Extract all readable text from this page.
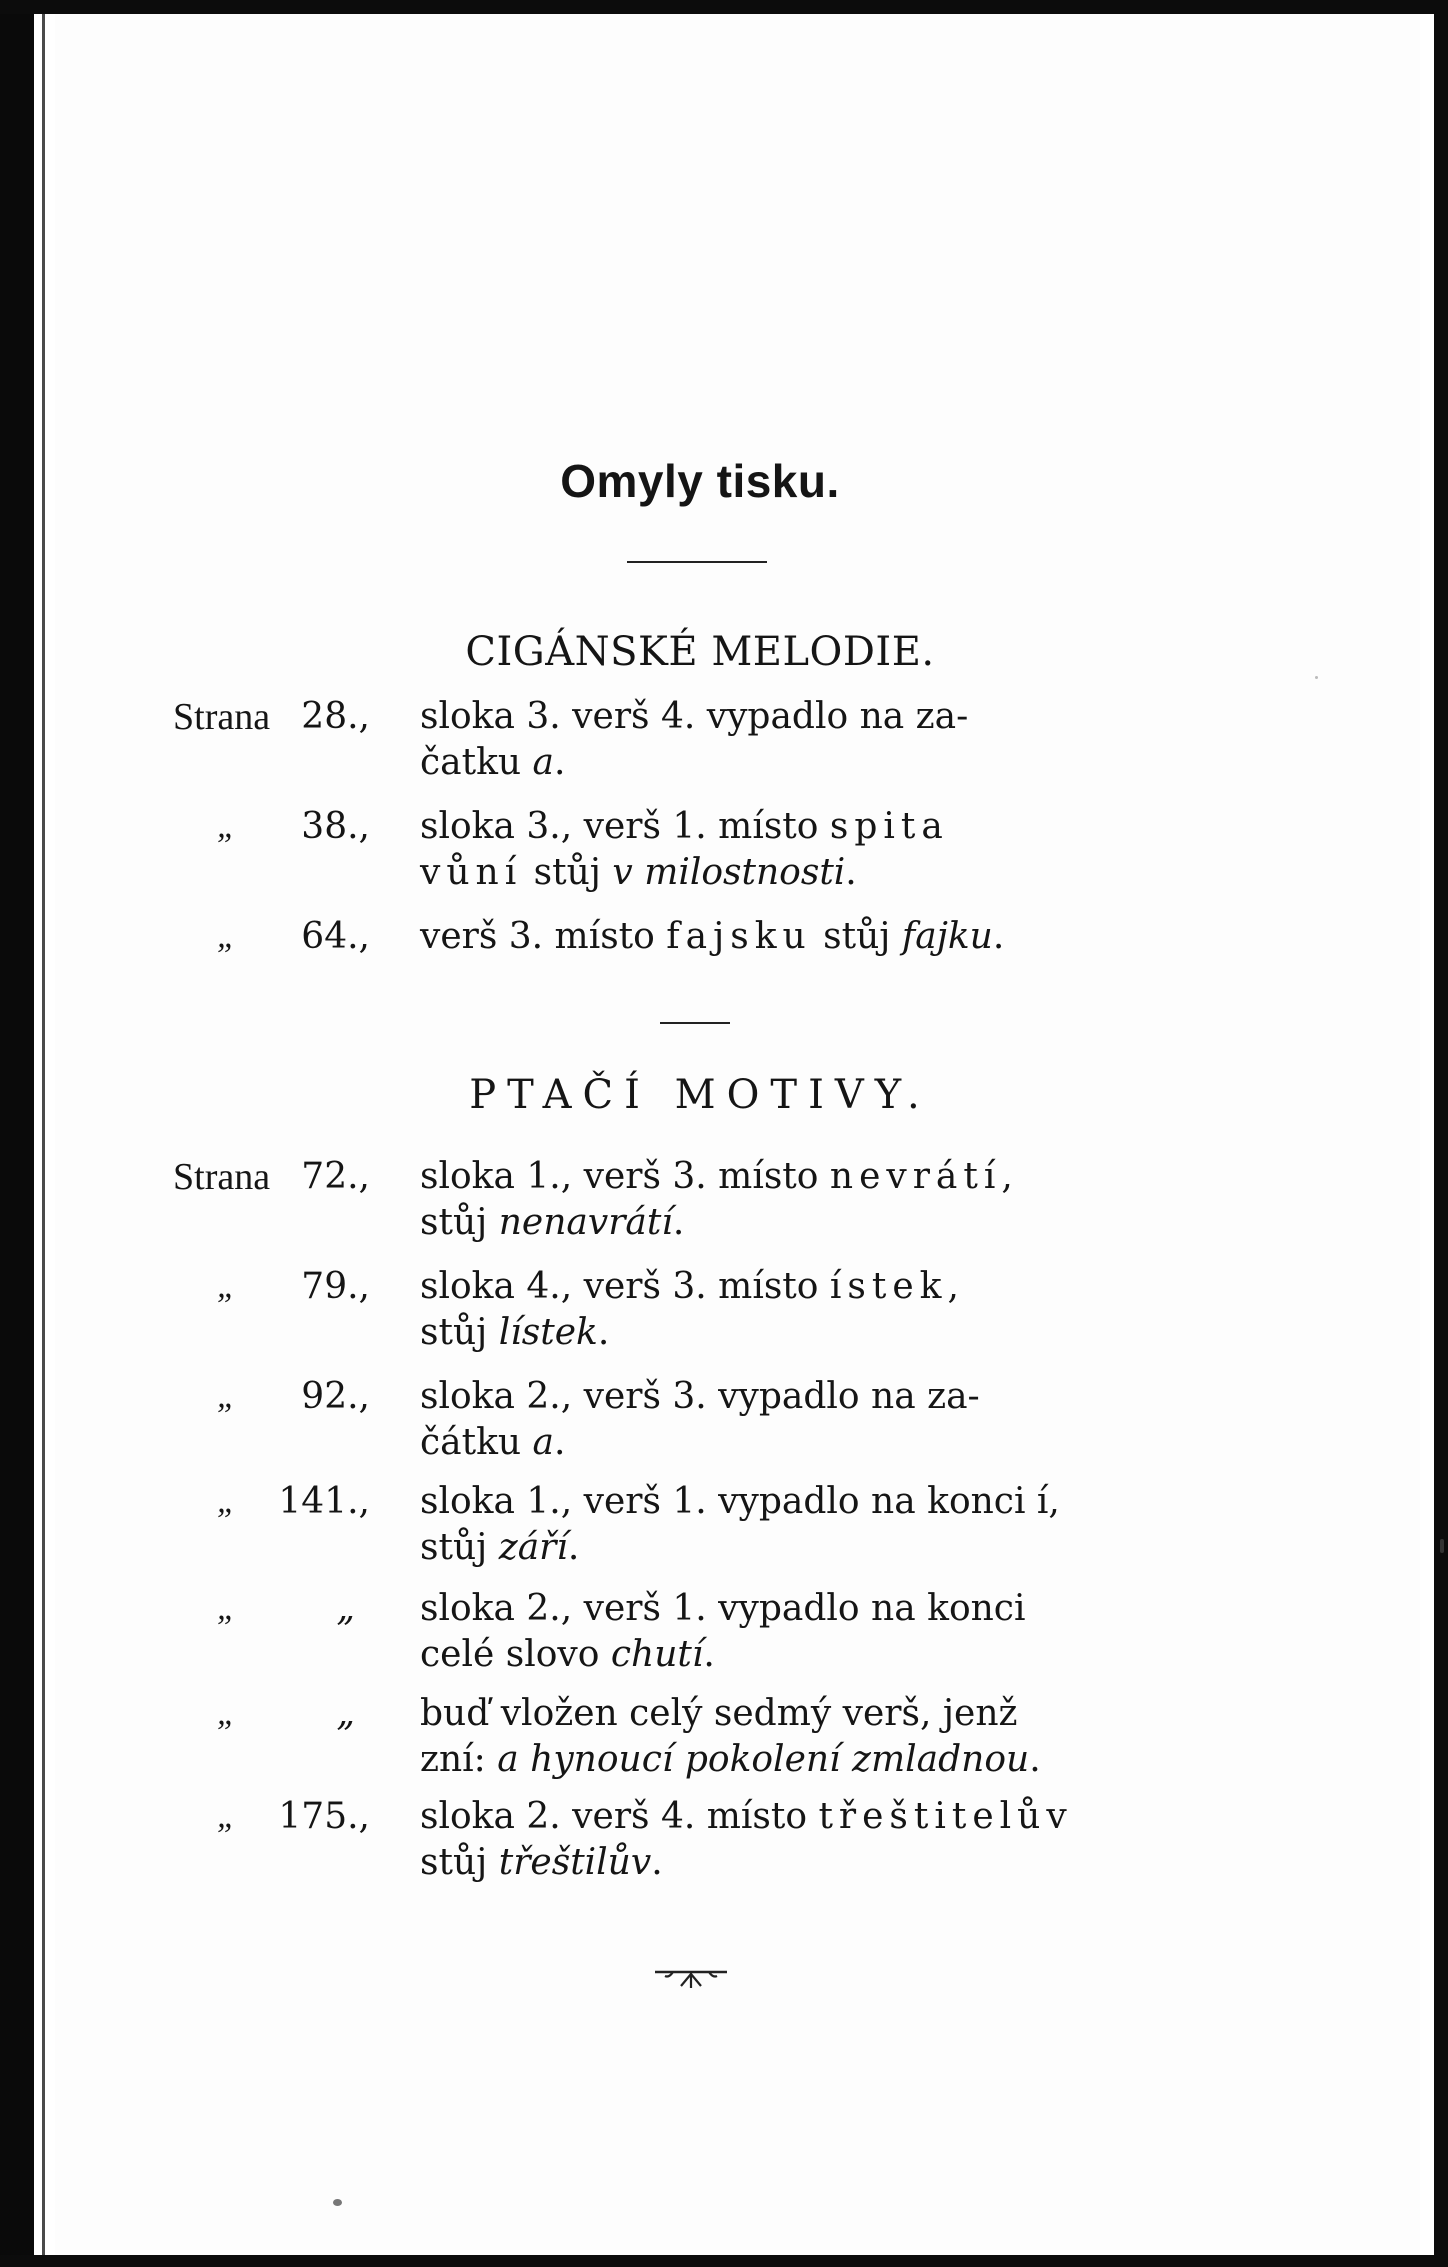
Omyly tisku.
CIGÁNSKÉ MELODIE.
Strana 28., sloka 3. verš 4. vypadlo na za-
čatku a.
„	38., sloka 3., verš 1. místo spita
vůní stůj v milostnosti.
„	64., verš 3. místo fajsku stůj fajku.
PTAČÍ MOTIVY.
Strana 72., sloka 1., verš 3. místo nevrátí,
stůj nenavrátí.
„	79., sloka 4., verš 3. místo ístek,
stůj lístek.
„	92., sloka 2., verš 3. vypadlo na za-
čátku a.
„	141., sloka 1., verš 1. vypadlo na konci í,
stůj září.
„	„ sloka 2., verš 1. vypadlo na konci
celé slovo chutí.
„	„ buď vložen celý sedmý verš, jenž
zní: a hynoucí pokolení zmladnou.
„	175., sloka 2. verš 4. místo třeštitelův
stůj třeštilův.
